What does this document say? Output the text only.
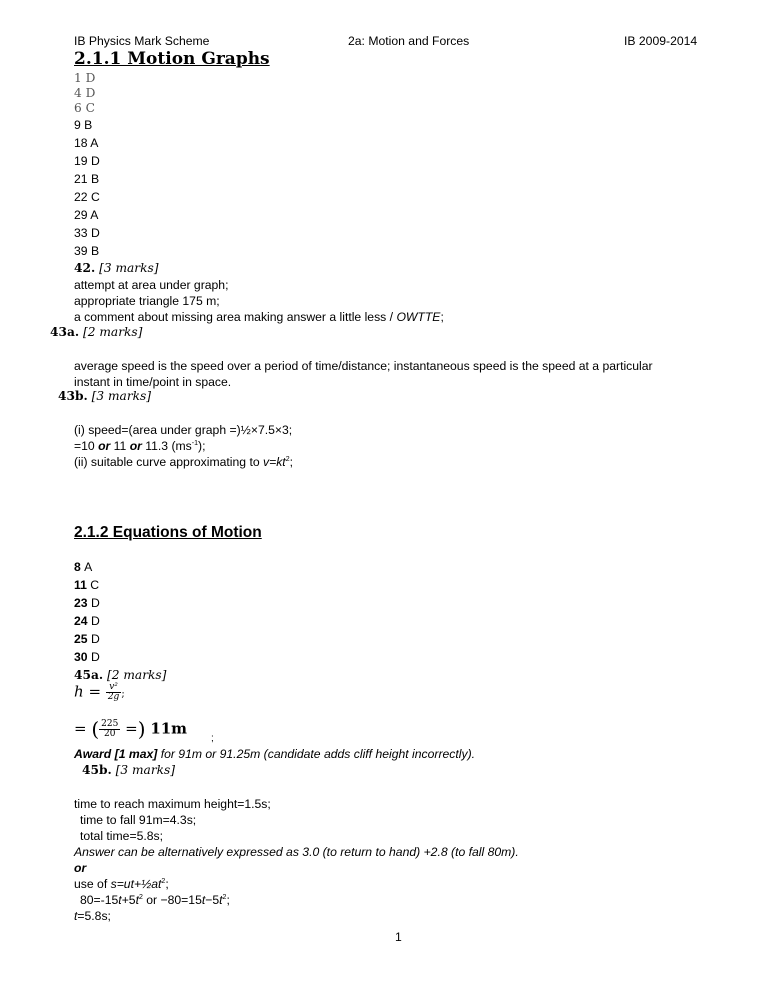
IB Physics Mark Scheme	2a: Motion and Forces	IB 2009-2014
2.1.1 Motion Graphs
1 D
4 D
6 C
9 B
18 A
19 D
21 B
22 C
29 A
33 D
39 B
42. [3 marks]
attempt at area under graph;
appropriate triangle 175 m;
a comment about missing area making answer a little less / OWTTE;
43a. [2 marks]
average speed is the speed over a period of time/distance; instantaneous speed is the speed at a particular
instant in time/point in space.
43b. [3 marks]
(i) speed=(area under graph =)½×7.5×3;
=10 or 11 or 11.3 $(ms^{-1})$;
(ii) suitable curve approximating to $v=kt^2$;
2.1.2 Equations of Motion
8 A
11 C
23 D
24 D
25 D
30 D
45a. [2 marks]
$h = \frac{\text{v²}}{2g}$ ;
= ( $\frac{225}{20}$ =) 11m
;
Award [1 max] for 91m or 91.25m (candidate adds cliff height incorrectly).
45b. [3 marks]
time to reach maximum height=1.5s;
time to fall 91m=4.3s;
total time=5.8s;
Answer can be alternatively expressed as 3.0 (to return to hand) +2.8 (to fall 80m).
or
use of $s=ut+\frac{1}{2}at^2$;
$80=-15t+5t^2$ or $-80=15t-5t^2$;
t=5.8s;
1
